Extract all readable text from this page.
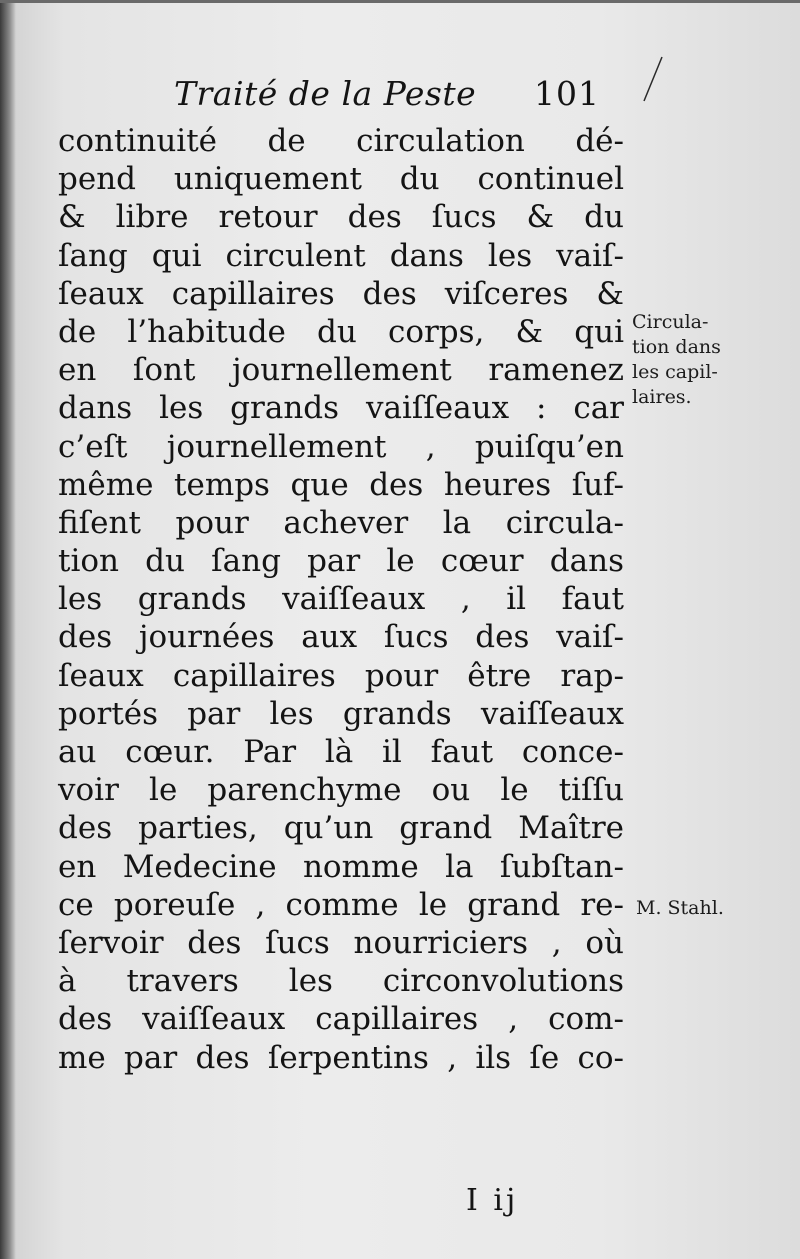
Traité de la Peste 101
continuité de circulation dé-
pend uniquement du continuel
& libre retour des ſucs & du
ſang qui circulent dans les vaiſ-
ſeaux capillaires des viſceres &
de l’habitude du corps, & qui
en ſont journellement ramenez
dans les grands vaiſſeaux : car
c’eſt journellement , puiſqu’en
même temps que des heures ſuf-
fiſent pour achever la circula-
tion du ſang par le cœur dans
les grands vaiſſeaux , il faut
des journées aux ſucs des vaiſ-
ſeaux capillaires pour être rap-
portés par les grands vaiſſeaux
au cœur. Par là il faut conce-
voir le parenchyme ou le tiſſu
des parties, qu’un grand Maître
en Medecine nomme la ſubſtan-
ce poreuſe , comme le grand re-
ſervoir des ſucs nourriciers , où
à travers les circonvolutions
des vaiſſeaux capillaires , com-
me par des ſerpentins , ils ſe co-
Circula-
tion dans
les capil-
laires.
M. Stahl.
I ij
